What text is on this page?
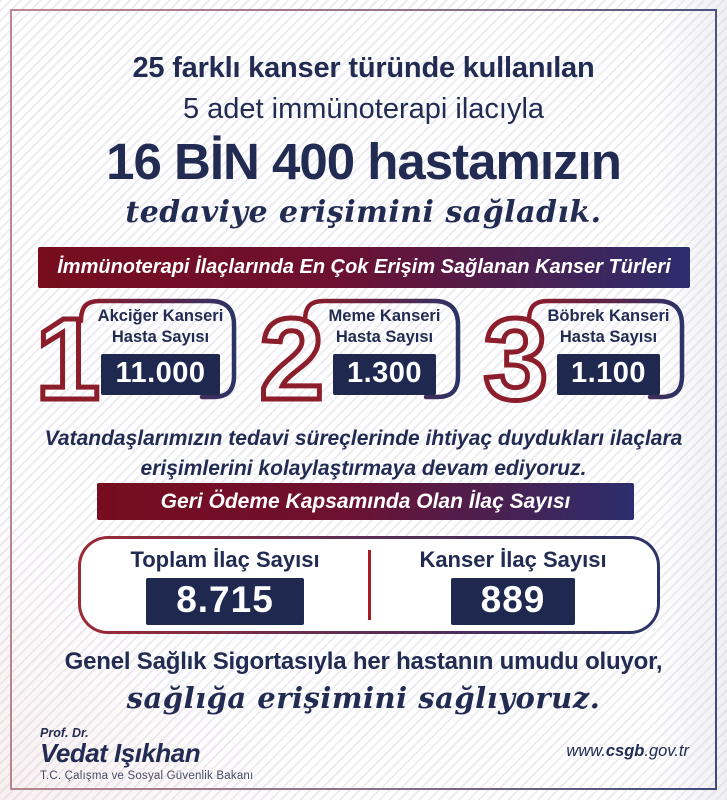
25 farklı kanser türünde kullanılan
5 adet immünoterapi ilacıyla
16 BİN 400 hastamızın
tedaviye erişimini sağladık.
İmmünoterapi İlaçlarında En Çok Erişim Sağlanan Kanser Türleri
1
Akciğer Kanseri
Hasta Sayısı
11.000 2 Meme Kanseri
Hasta Sayısı
1.300 3 Böbrek Kanseri
Hasta Sayısı
1.100
Vatandaşlarımızın tedavi süreçlerinde ihtiyaç duydukları ilaçlara
erişimlerini kolaylaştırmaya devam ediyoruz.
Geri Ödeme Kapsamında Olan İlaç Sayısı
Toplam İlaç Sayısı
8.715
Kanser İlaç Sayısı
889
Genel Sağlık Sigortasıyla her hastanın umudu oluyor,
sağlığa erişimini sağlıyoruz.
Prof. Dr.
Vedat Işıkhan
T.C. Çalışma ve Sosyal Güvenlik Bakanı
www.csgb.gov.tr
